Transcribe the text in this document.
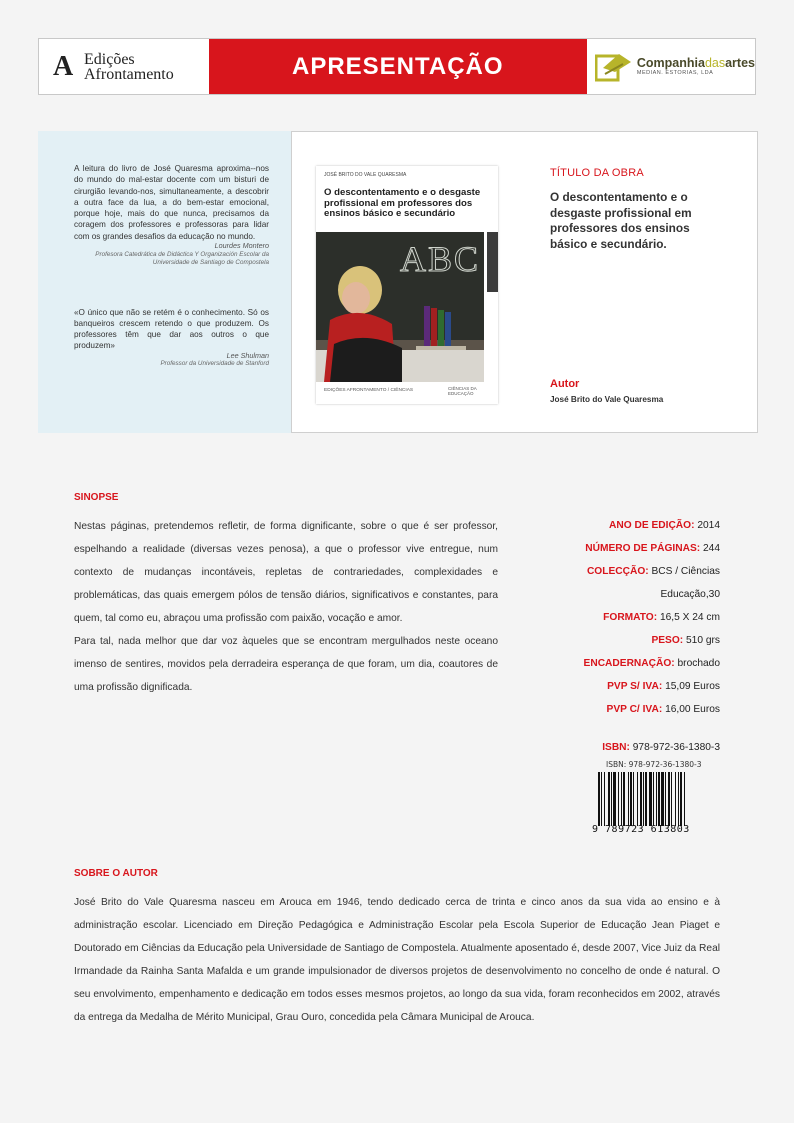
A Edições
Afrontamento	APRESENTAÇÃO	Companhiadasartes
MEDIAN. ESTORIAS, LDA

A leitura do livro de José Quaresma aproxima--nos do mundo do mal-estar docente com um bisturi de cirurgião levando-nos, simultaneamente, a descobrir a outra face da lua, a do bem-estar emocional, porque hoje, mais do que nunca, precisamos da coragem dos professores e professoras para lidar com os grandes desafios da educação no mundo.

Lourdes Montero

Profesora Catedrática de Didáctica Y Organización Escolar da Universidade de Santiago de Compostela

«O único que não se retém é o conhecimento. Só os banqueiros crescem retendo o que produzem. Os professores têm que dar aos outros o que produzem»

Lee Shulman

Professor da Universidade de Stanford

JOSÉ BRITO DO VALE QUARESMA
O descontentamento e o desgaste profissional em professores dos ensinos básico e secundário
ABC
EDIÇÕES AFRONTAMENTO / CIÊNCIAS	CIÊNCIAS DA EDUCAÇÃO
TÍTULO DA OBRA
O descontentamento e o desgaste profissional em professores dos ensinos básico e secundário.
Autor
José Brito do Vale Quaresma
SINOPSE

Nestas páginas, pretendemos refletir, de forma dignificante, sobre o que é ser professor, espelhando a realidade (diversas vezes penosa), a que o professor vive entregue, num contexto de mudanças incontáveis, repletas de contrariedades, complexidades e problemáticas, das quais emergem pólos de tensão diários, significativos e constantes, para quem, tal como eu, abraçou uma profissão com paixão, vocação e amor.

Para tal, nada melhor que dar voz àqueles que se encontram mergulhados neste oceano imenso de sentires, movidos pela derradeira esperança de que foram, um dia, coautores de uma profissão dignificada.

ANO DE EDIÇÃO: 2014
NÚMERO DE PÁGINAS: 244
COLECÇÃO: BCS / Ciências
Educação,30
FORMATO: 16,5 X 24 cm
PESO: 510 grs
ENCADERNAÇÃO: brochado
PVP S/ IVA: 15,09 Euros
PVP C/ IVA: 16,00 Euros
ISBN: 978-972-36-1380-3
ISBN: 978-972-36-1380-3
9 789723 613803
SOBRE O AUTOR
José Brito do Vale Quaresma nasceu em Arouca em 1946, tendo dedicado cerca de trinta e cinco anos da sua vida ao ensino e à administração escolar. Licenciado em Direção Pedagógica e Administração Escolar pela Escola Superior de Educação Jean Piaget e Doutorado em Ciências da Educação pela Universidade de Santiago de Compostela. Atualmente aposentado é, desde 2007, Vice Juiz da Real Irmandade da Rainha Santa Mafalda e um grande impulsionador de diversos projetos de desenvolvimento no concelho de onde é natural. O seu envolvimento, empenhamento e dedicação em todos esses mesmos projetos, ao longo da sua vida, foram reconhecidos em 2002, através da entrega da Medalha de Mérito Municipal, Grau Ouro, concedida pela Câmara Municipal de Arouca.
